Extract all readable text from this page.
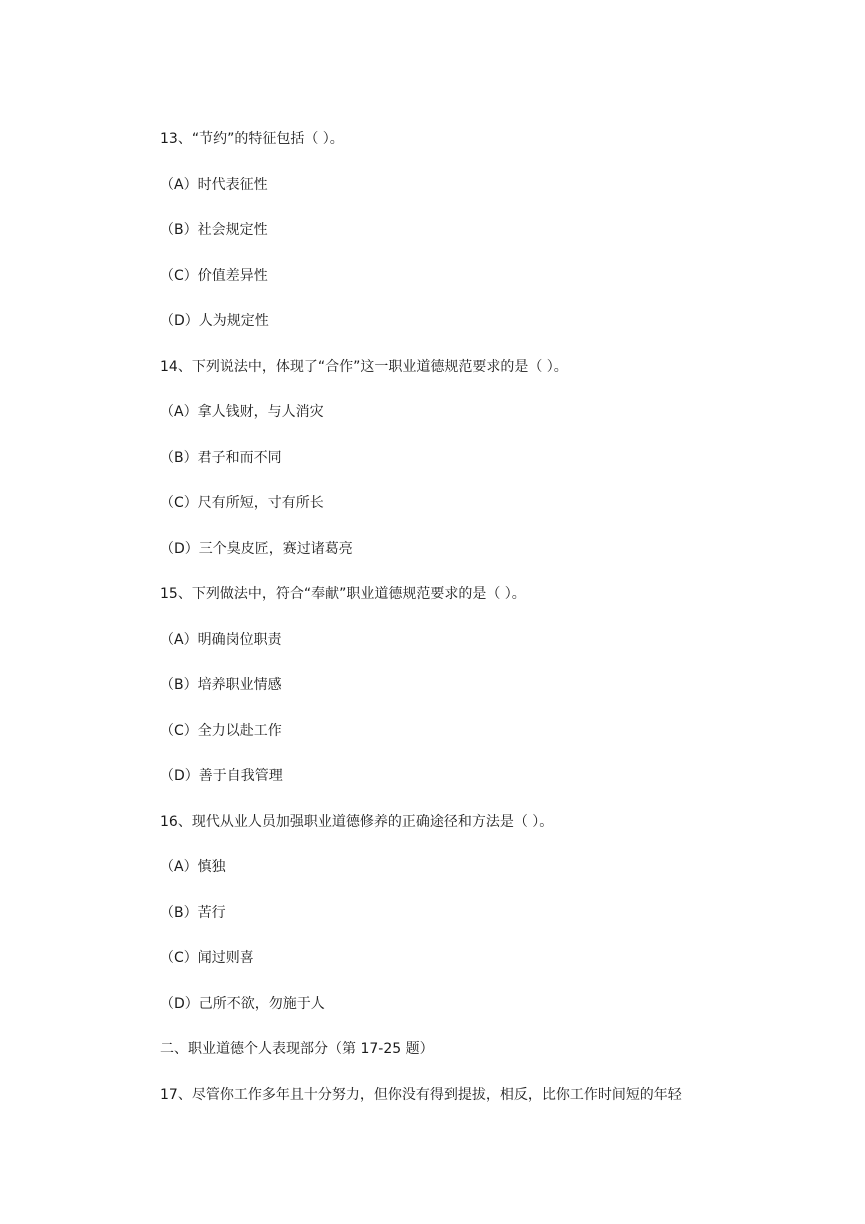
13、“节约”的特征包括（ ）。
（A）时代表征性
（B）社会规定性
（C）价值差异性
（D）人为规定性
14、下列说法中，体现了“合作”这一职业道德规范要求的是（ ）。
（A）拿人钱财，与人消灾
（B）君子和而不同
（C）尺有所短，寸有所长
（D）三个臭皮匠，赛过诸葛亮
15、下列做法中，符合“奉献”职业道德规范要求的是（ ）。
（A）明确岗位职责
（B）培养职业情感
（C）全力以赴工作
（D）善于自我管理
16、现代从业人员加强职业道德修养的正确途径和方法是（ ）。
（A）慎独
（B）苦行
（C）闻过则喜
（D）己所不欲，勿施于人
二、职业道德个人表现部分（第 17-25 题）
17、尽管你工作多年且十分努力，但你没有得到提拔，相反，比你工作时间短的年轻
